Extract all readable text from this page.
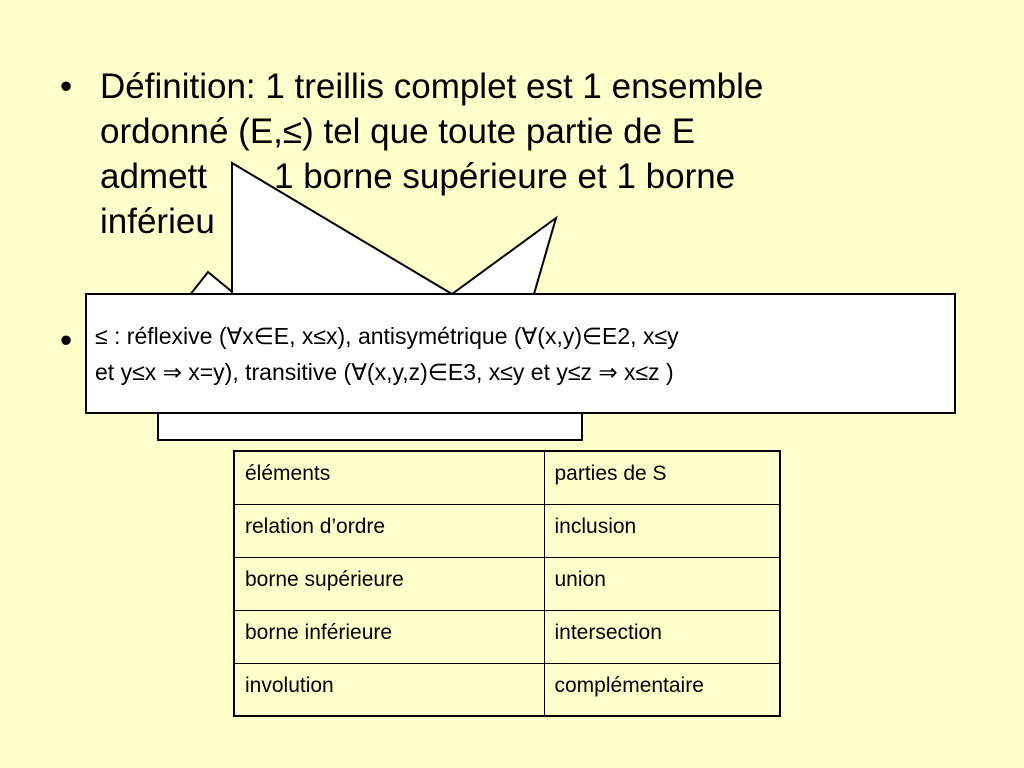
• Définition: 1 treillis complet est 1 ensemble
ordonné (E,≤) tel que toute partie de E
admett 1 borne supérieure et 1 borne
inférieu
• ≤ : réflexive (∀x∈E, x≤x), antisymétrique (∀(x,y)∈E2, x≤y
et y≤x ⇒ x=y), transitive (∀(x,y,z)∈E3, x≤y et y≤z ⇒ x≤z )
éléments	parties de S
relation d’ordre	inclusion
borne supérieure	union
borne inférieure	intersection
involution	complémentaire
